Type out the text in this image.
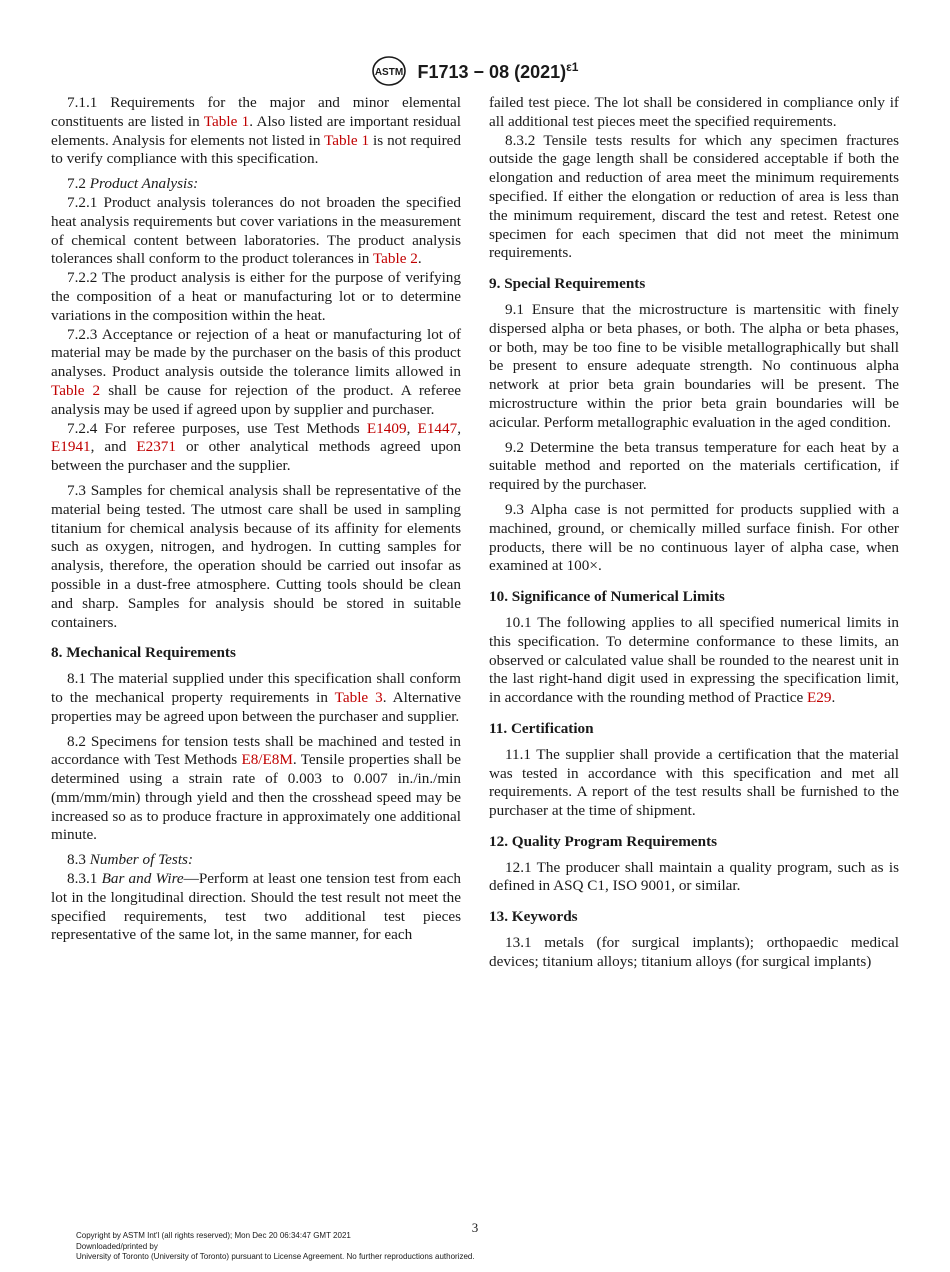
ASTM F1713 − 08 $(2021)^{\varepsilon 1}$

7.1.1 Requirements for the major and minor elemental constituents are listed in Table 1. Also listed are important residual elements. Analysis for elements not listed in Table 1 is not required to verify compliance with this specification.

7.2 Product Analysis:

7.2.1 Product analysis tolerances do not broaden the specified heat analysis requirements but cover variations in the measurement of chemical content between laboratories. The product analysis tolerances shall conform to the product tolerances in Table 2.

7.2.2 The product analysis is either for the purpose of verifying the composition of a heat or manufacturing lot or to determine variations in the composition within the heat.

7.2.3 Acceptance or rejection of a heat or manufacturing lot of material may be made by the purchaser on the basis of this product analyses. Product analysis outside the tolerance limits allowed in Table 2 shall be cause for rejection of the product. A referee analysis may be used if agreed upon by supplier and purchaser.

7.2.4 For referee purposes, use Test Methods E1409, E1447, E1941, and E2371 or other analytical methods agreed upon between the purchaser and the supplier.

7.3 Samples for chemical analysis shall be representative of the material being tested. The utmost care shall be used in sampling titanium for chemical analysis because of its affinity for elements such as oxygen, nitrogen, and hydrogen. In cutting samples for analysis, therefore, the operation should be carried out insofar as possible in a dust-free atmosphere. Cutting tools should be clean and sharp. Samples for analysis should be stored in suitable containers.

8. Mechanical Requirements

8.1 The material supplied under this specification shall conform to the mechanical property requirements in Table 3. Alternative properties may be agreed upon between the purchaser and supplier.

8.2 Specimens for tension tests shall be machined and tested in accordance with Test Methods E8/E8M. Tensile properties shall be determined using a strain rate of 0.003 to 0.007 in./in./min (mm/mm/min) through yield and then the crosshead speed may be increased so as to produce fracture in approximately one additional minute.

8.3 Number of Tests:

8.3.1 Bar and Wire—Perform at least one tension test from each lot in the longitudinal direction. Should the test result not meet the specified requirements, test two additional test pieces representative of the same lot, in the same manner, for each

failed test piece. The lot shall be considered in compliance only if all additional test pieces meet the specified requirements.

8.3.2 Tensile tests results for which any specimen fractures outside the gage length shall be considered acceptable if both the elongation and reduction of area meet the minimum requirements specified. If either the elongation or reduction of area is less than the minimum requirement, discard the test and retest. Retest one specimen for each specimen that did not meet the minimum requirements.

9. Special Requirements

9.1 Ensure that the microstructure is martensitic with finely dispersed alpha or beta phases, or both. The alpha or beta phases, or both, may be too fine to be visible metallographically but shall be present to ensure adequate strength. No continuous alpha network at prior beta grain boundaries will be present. The microstructure within the prior beta grain boundaries will be acicular. Perform metallographic evaluation in the aged condition.

9.2 Determine the beta transus temperature for each heat by a suitable method and reported on the materials certification, if required by the purchaser.

9.3 Alpha case is not permitted for products supplied with a machined, ground, or chemically milled surface finish. For other products, there will be no continuous layer of alpha case, when examined at 100×.

10. Significance of Numerical Limits

10.1 The following applies to all specified numerical limits in this specification. To determine conformance to these limits, an observed or calculated value shall be rounded to the nearest unit in the last right-hand digit used in expressing the specification limit, in accordance with the rounding method of Practice E29.

11. Certification

11.1 The supplier shall provide a certification that the material was tested in accordance with this specification and met all requirements. A report of the test results shall be furnished to the purchaser at the time of shipment.

12. Quality Program Requirements

12.1 The producer shall maintain a quality program, such as is defined in ASQ C1, ISO 9001, or similar.

13. Keywords

13.1 metals (for surgical implants); orthopaedic medical devices; titanium alloys; titanium alloys (for surgical implants)

3
Copyright by ASTM Int'l (all rights reserved); Mon Dec 20 06:34:47 GMT 2021
Downloaded/printed by
University of Toronto (University of Toronto) pursuant to License Agreement. No further reproductions authorized.
